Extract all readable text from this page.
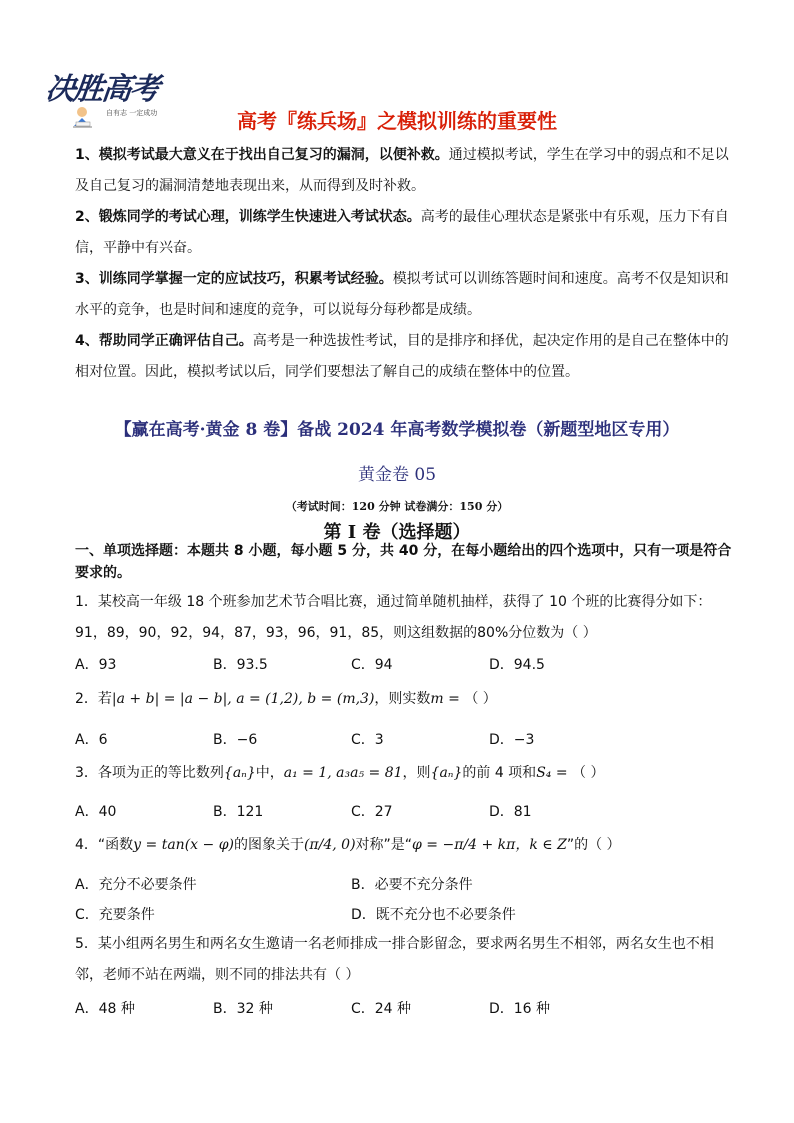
决胜高考
自有志 一定成功	高考『练兵场』之模拟训练的重要性
1、模拟考试最大意义在于找出自己复习的漏洞，以便补救。通过模拟考试，学生在学习中的弱点和不足以及自己复习的漏洞清楚地表现出来，从而得到及时补救。
2、锻炼同学的考试心理，训练学生快速进入考试状态。高考的最佳心理状态是紧张中有乐观，压力下有自信，平静中有兴奋。
3、训练同学掌握一定的应试技巧，积累考试经验。模拟考试可以训练答题时间和速度。高考不仅是知识和水平的竞争，也是时间和速度的竞争，可以说每分每秒都是成绩。
4、帮助同学正确评估自己。高考是一种选拔性考试，目的是排序和择优，起决定作用的是自己在整体中的相对位置。因此，模拟考试以后，同学们要想法了解自己的成绩在整体中的位置。
【赢在高考·黄金 8 卷】备战 2024 年高考数学模拟卷（新题型地区专用）
黄金卷 05
（考试时间：120 分钟 试卷满分：150 分）
第 I 卷（选择题）
一、单项选择题：本题共 8 小题，每小题 5 分，共 40 分，在每小题给出的四个选项中，只有一项是符合要求的。
1．某校高一年级 18 个班参加艺术节合唱比赛，通过简单随机抽样，获得了 10 个班的比赛得分如下：91，89，90，92，94，87，93，96，91，85，则这组数据的80%分位数为（ ）
A．93	B．93.5	C．94	D．94.5
2．若|a + b| = |a − b|, a = (1,2), b = (m,3)，则实数m = （ ）
A．6	B．−6	C．3	D．−3
3．各项为正的等比数列{aₙ}中，a₁ = 1, a₃a₅ = 81，则{aₙ}的前 4 项和S₄ = （ ）
A．40	B．121	C．27	D．81
4．“函数y = tan(x − φ)的图象关于(π/4, 0)对称”是“φ = −π/4 + kπ，k ∈ Z”的（ ）
A．充分不必要条件	B．必要不充分条件
C．充要条件	D．既不充分也不必要条件
5．某小组两名男生和两名女生邀请一名老师排成一排合影留念，要求两名男生不相邻，两名女生也不相邻，老师不站在两端，则不同的排法共有（ ）
A．48 种	B．32 种	C．24 种	D．16 种
